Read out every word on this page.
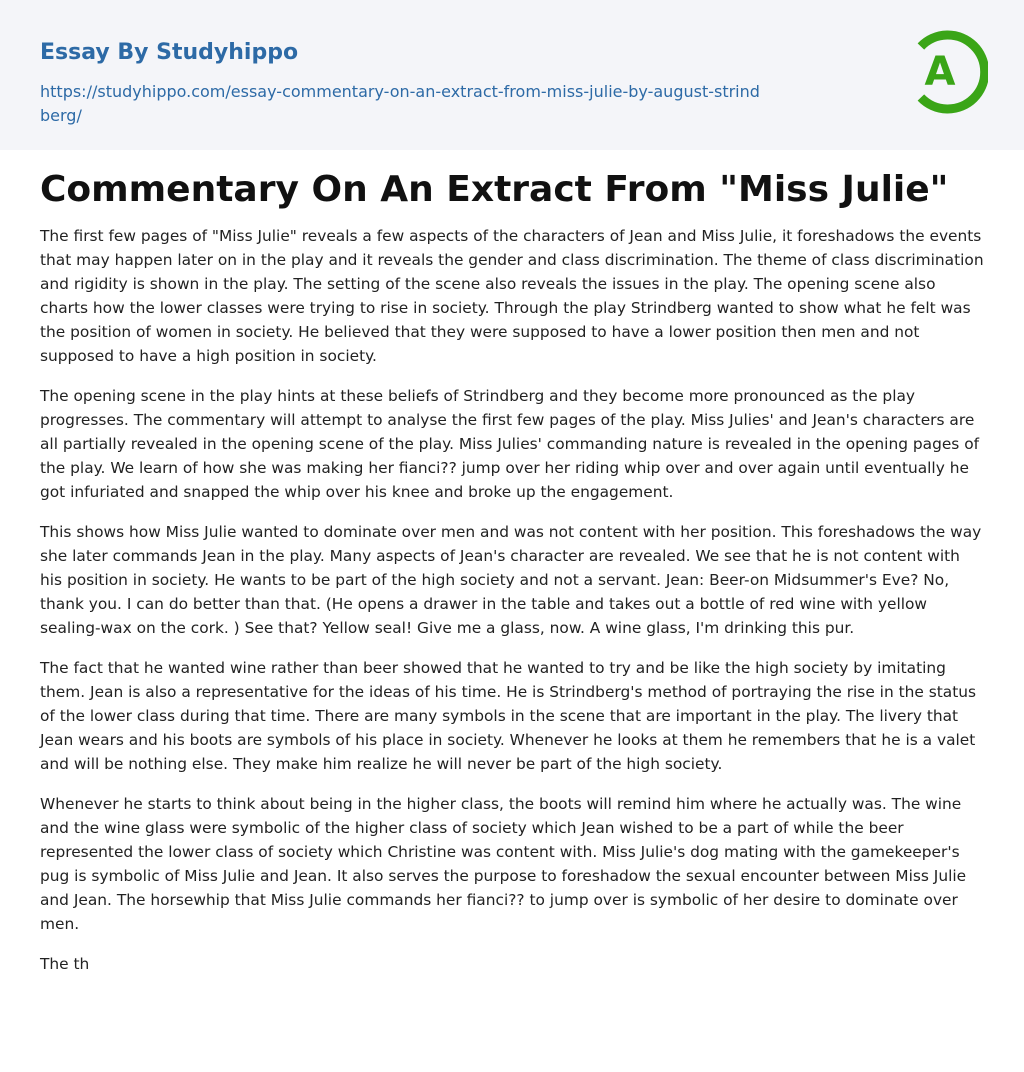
Essay By Studyhippo
https://studyhippo.com/essay-commentary-on-an-extract-from-miss-julie-by-august-strindberg/
A
Commentary On An Extract From "Miss Julie"

The first few pages of "Miss Julie" reveals a few aspects of the characters of Jean and Miss Julie, it foreshadows the events that may happen later on in the play and it reveals the gender and class discrimination. The theme of class discrimination and rigidity is shown in the play. The setting of the scene also reveals the issues in the play. The opening scene also charts how the lower classes were trying to rise in society. Through the play Strindberg wanted to show what he felt was the position of women in society. He believed that they were supposed to have a lower position then men and not supposed to have a high position in society.

The opening scene in the play hints at these beliefs of Strindberg and they become more pronounced as the play progresses. The commentary will attempt to analyse the first few pages of the play. Miss Julies' and Jean's characters are all partially revealed in the opening scene of the play. Miss Julies' commanding nature is revealed in the opening pages of the play. We learn of how she was making her fianci?? jump over her riding whip over and over again until eventually he got infuriated and snapped the whip over his knee and broke up the engagement.

This shows how Miss Julie wanted to dominate over men and was not content with her position. This foreshadows the way she later commands Jean in the play. Many aspects of Jean's character are revealed. We see that he is not content with his position in society. He wants to be part of the high society and not a servant. Jean: Beer-on Midsummer's Eve? No, thank you. I can do better than that. (He opens a drawer in the table and takes out a bottle of red wine with yellow sealing-wax on the cork. ) See that? Yellow seal! Give me a glass, now. A wine glass, I'm drinking this pur.

The fact that he wanted wine rather than beer showed that he wanted to try and be like the high society by imitating them. Jean is also a representative for the ideas of his time. He is Strindberg's method of portraying the rise in the status of the lower class during that time. There are many symbols in the scene that are important in the play. The livery that Jean wears and his boots are symbols of his place in society. Whenever he looks at them he remembers that he is a valet and will be nothing else. They make him realize he will never be part of the high society.

Whenever he starts to think about being in the higher class, the boots will remind him where he actually was. The wine and the wine glass were symbolic of the higher class of society which Jean wished to be a part of while the beer represented the lower class of society which Christine was content with. Miss Julie's dog mating with the gamekeeper's pug is symbolic of Miss Julie and Jean. It also serves the purpose to foreshadow the sexual encounter between Miss Julie and Jean. The horsewhip that Miss Julie commands her fianci?? to jump over is symbolic of her desire to dominate over men.

The th
